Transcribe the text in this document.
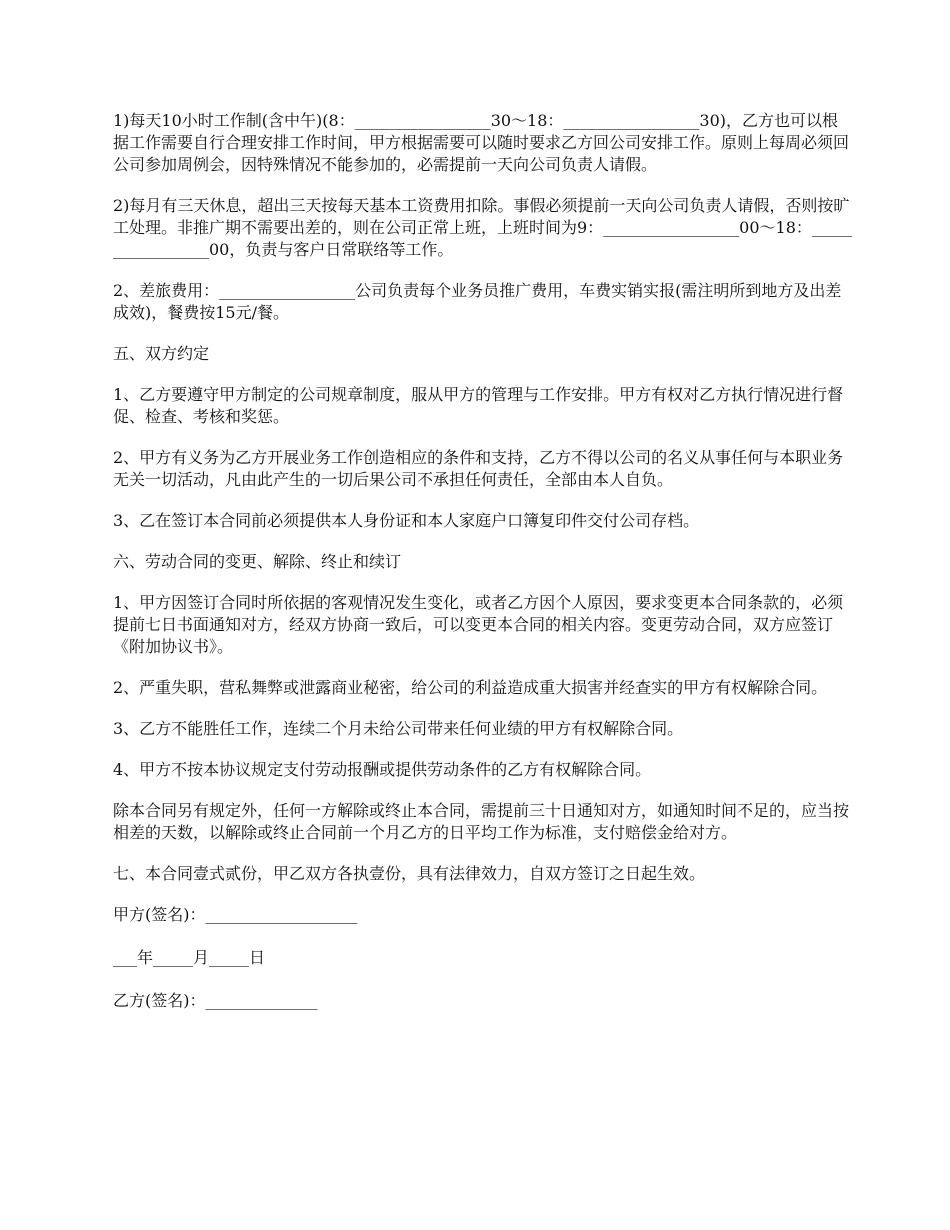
1)每天10小时工作制(含中午)(8：_________________30～18：_________________30)，乙方也可以根据工作需要自行合理安排工作时间，甲方根据需要可以随时要求乙方回公司安排工作。原则上每周必须回公司参加周例会，因特殊情况不能参加的，必需提前一天向公司负责人请假。

2)每月有三天休息，超出三天按每天基本工资费用扣除。事假必须提前一天向公司负责人请假，否则按旷工处理。非推广期不需要出差的，则在公司正常上班，上班时间为9：_________________00～18：_________________00，负责与客户日常联络等工作。

2、差旅费用：_________________公司负责每个业务员推广费用，车费实销实报(需注明所到地方及出差成效)，餐费按15元/餐。

五、双方约定

1、乙方要遵守甲方制定的公司规章制度，服从甲方的管理与工作安排。甲方有权对乙方执行情况进行督促、检查、考核和奖惩。

2、甲方有义务为乙方开展业务工作创造相应的条件和支持，乙方不得以公司的名义从事任何与本职业务无关一切活动，凡由此产生的一切后果公司不承担任何责任，全部由本人自负。

3、乙在签订本合同前必须提供本人身份证和本人家庭户口簿复印件交付公司存档。

六、劳动合同的变更、解除、终止和续订

1、甲方因签订合同时所依据的客观情况发生变化，或者乙方因个人原因，要求变更本合同条款的，必须提前七日书面通知对方，经双方协商一致后，可以变更本合同的相关内容。变更劳动合同，双方应签订《附加协议书》。

2、严重失职，营私舞弊或泄露商业秘密，给公司的利益造成重大损害并经查实的甲方有权解除合同。

3、乙方不能胜任工作，连续二个月未给公司带来任何业绩的甲方有权解除合同。

4、甲方不按本协议规定支付劳动报酬或提供劳动条件的乙方有权解除合同。

除本合同另有规定外，任何一方解除或终止本合同，需提前三十日通知对方，如通知时间不足的，应当按相差的天数，以解除或终止合同前一个月乙方的日平均工作为标准，支付赔偿金给对方。

七、本合同壹式贰份，甲乙双方各执壹份，具有法律效力，自双方签订之日起生效。

甲方(签名)：___________________

___年_____月_____日

乙方(签名)：______________
